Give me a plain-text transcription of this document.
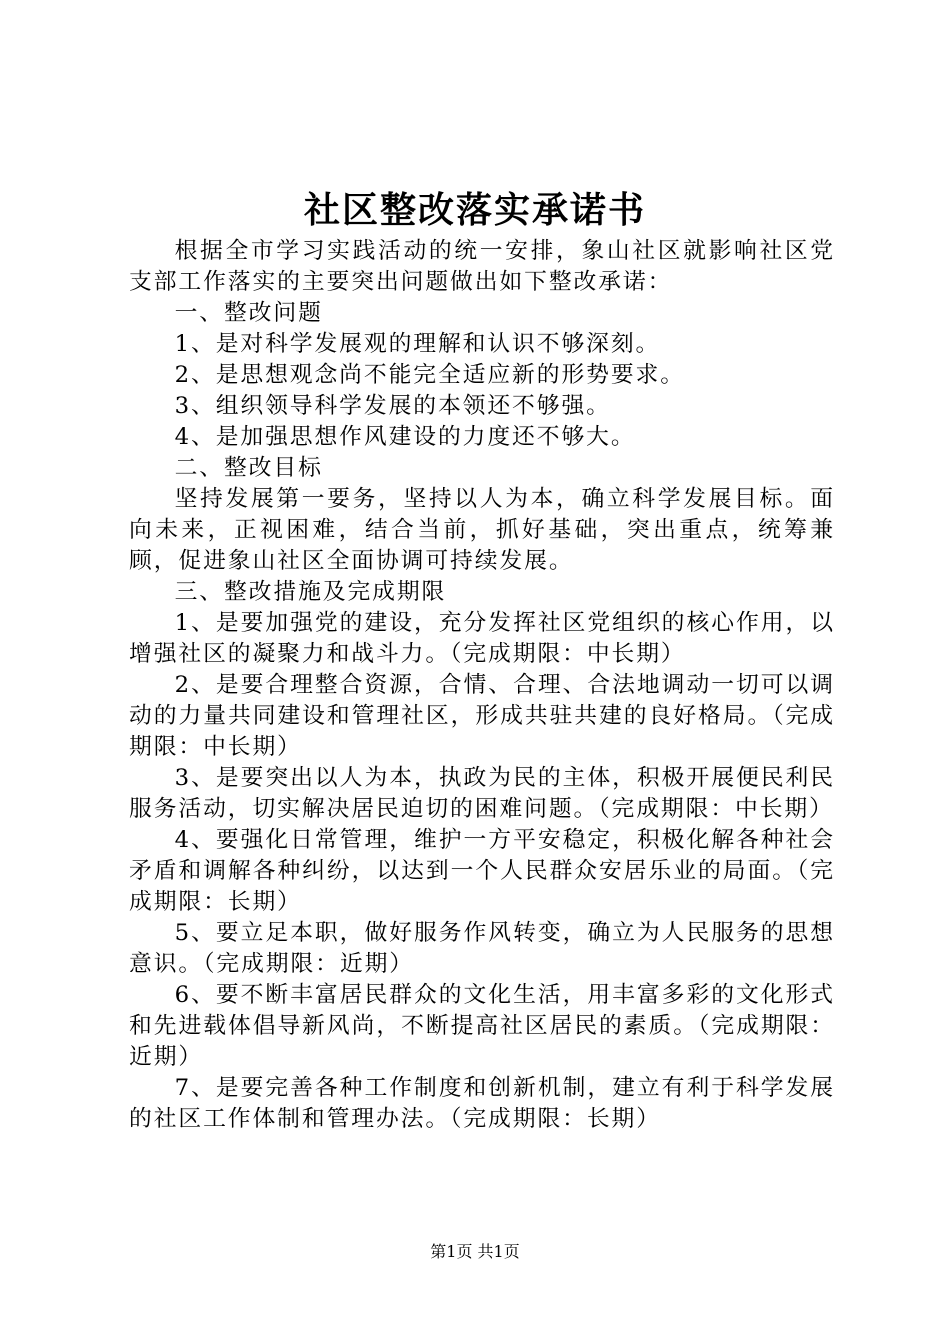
社区整改落实承诺书

根据全市学习实践活动的统一安排，象山社区就影响社区党支部工作落实的主要突出问题做出如下整改承诺：

一、整改问题

1、是对科学发展观的理解和认识不够深刻。

2、是思想观念尚不能完全适应新的形势要求。

3、组织领导科学发展的本领还不够强。

4、是加强思想作风建设的力度还不够大。

二、整改目标

坚持发展第一要务，坚持以人为本，确立科学发展目标。面向未来，正视困难，结合当前，抓好基础，突出重点，统筹兼顾，促进象山社区全面协调可持续发展。

三、整改措施及完成期限

1、是要加强党的建设，充分发挥社区党组织的核心作用，以增强社区的凝聚力和战斗力。（完成期限：中长期）

2、是要合理整合资源，合情、合理、合法地调动一切可以调动的力量共同建设和管理社区，形成共驻共建的良好格局。（完成期限：中长期）

3、是要突出以人为本，执政为民的主体，积极开展便民利民服务活动，切实解决居民迫切的困难问题。（完成期限：中长期）

4、要强化日常管理，维护一方平安稳定，积极化解各种社会矛盾和调解各种纠纷，以达到一个人民群众安居乐业的局面。（完成期限：长期）

5、要立足本职，做好服务作风转变，确立为人民服务的思想意识。（完成期限：近期）

6、要不断丰富居民群众的文化生活，用丰富多彩的文化形式和先进载体倡导新风尚，不断提高社区居民的素质。（完成期限：近期）

7、是要完善各种工作制度和创新机制，建立有利于科学发展的社区工作体制和管理办法。（完成期限：长期）

第1页 共1页
